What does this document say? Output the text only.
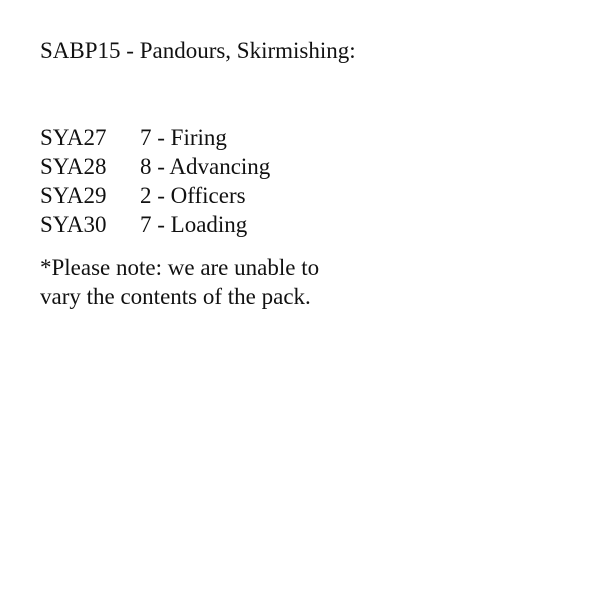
SABP15 - Pandours, Skirmishing:

SYA27	7 - Firing
SYA28	8 - Advancing
SYA29	2 - Officers
SYA30	7 - Loading
*Please note: we are unable to
vary the contents of the pack.
